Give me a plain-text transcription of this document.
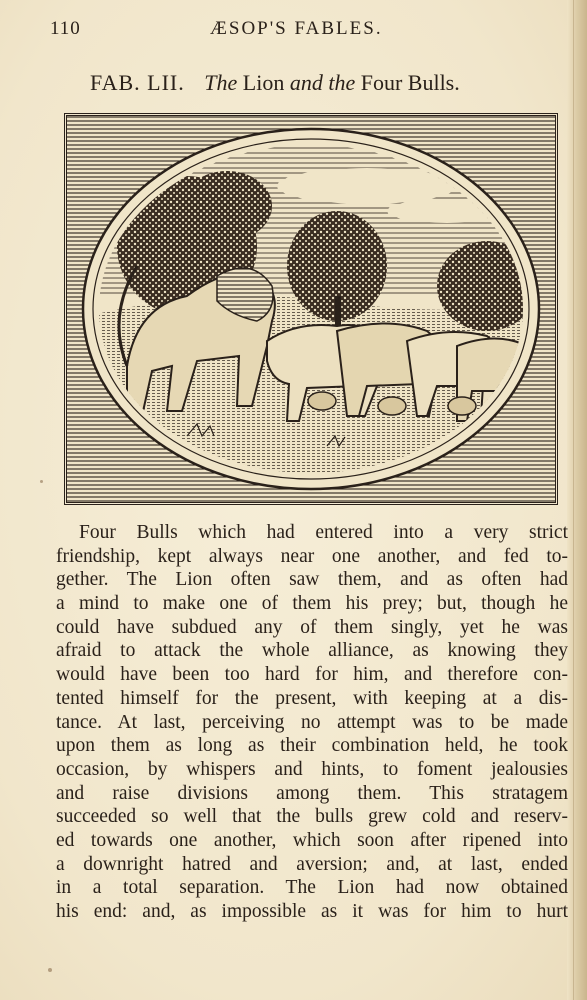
110	ÆSOP'S FABLES.
FAB. LII. The Lion and the Four Bulls.
Four Bulls which had entered into a very strict
friendship, kept always near one another, and fed to-
gether. The Lion often saw them, and as often had
a mind to make one of them his prey; but, though he
could have subdued any of them singly, yet he was
afraid to attack the whole alliance, as knowing they
would have been too hard for him, and therefore con-
tented himself for the present, with keeping at a dis-
tance. At last, perceiving no attempt was to be made
upon them as long as their combination held, he took
occasion, by whispers and hints, to foment jealousies
and raise divisions among them. This stratagem
succeeded so well that the bulls grew cold and reserv-
ed towards one another, which soon after ripened into
a downright hatred and aversion; and, at last, ended
in a total separation. The Lion had now obtained
his end: and, as impossible as it was for him to hurt
